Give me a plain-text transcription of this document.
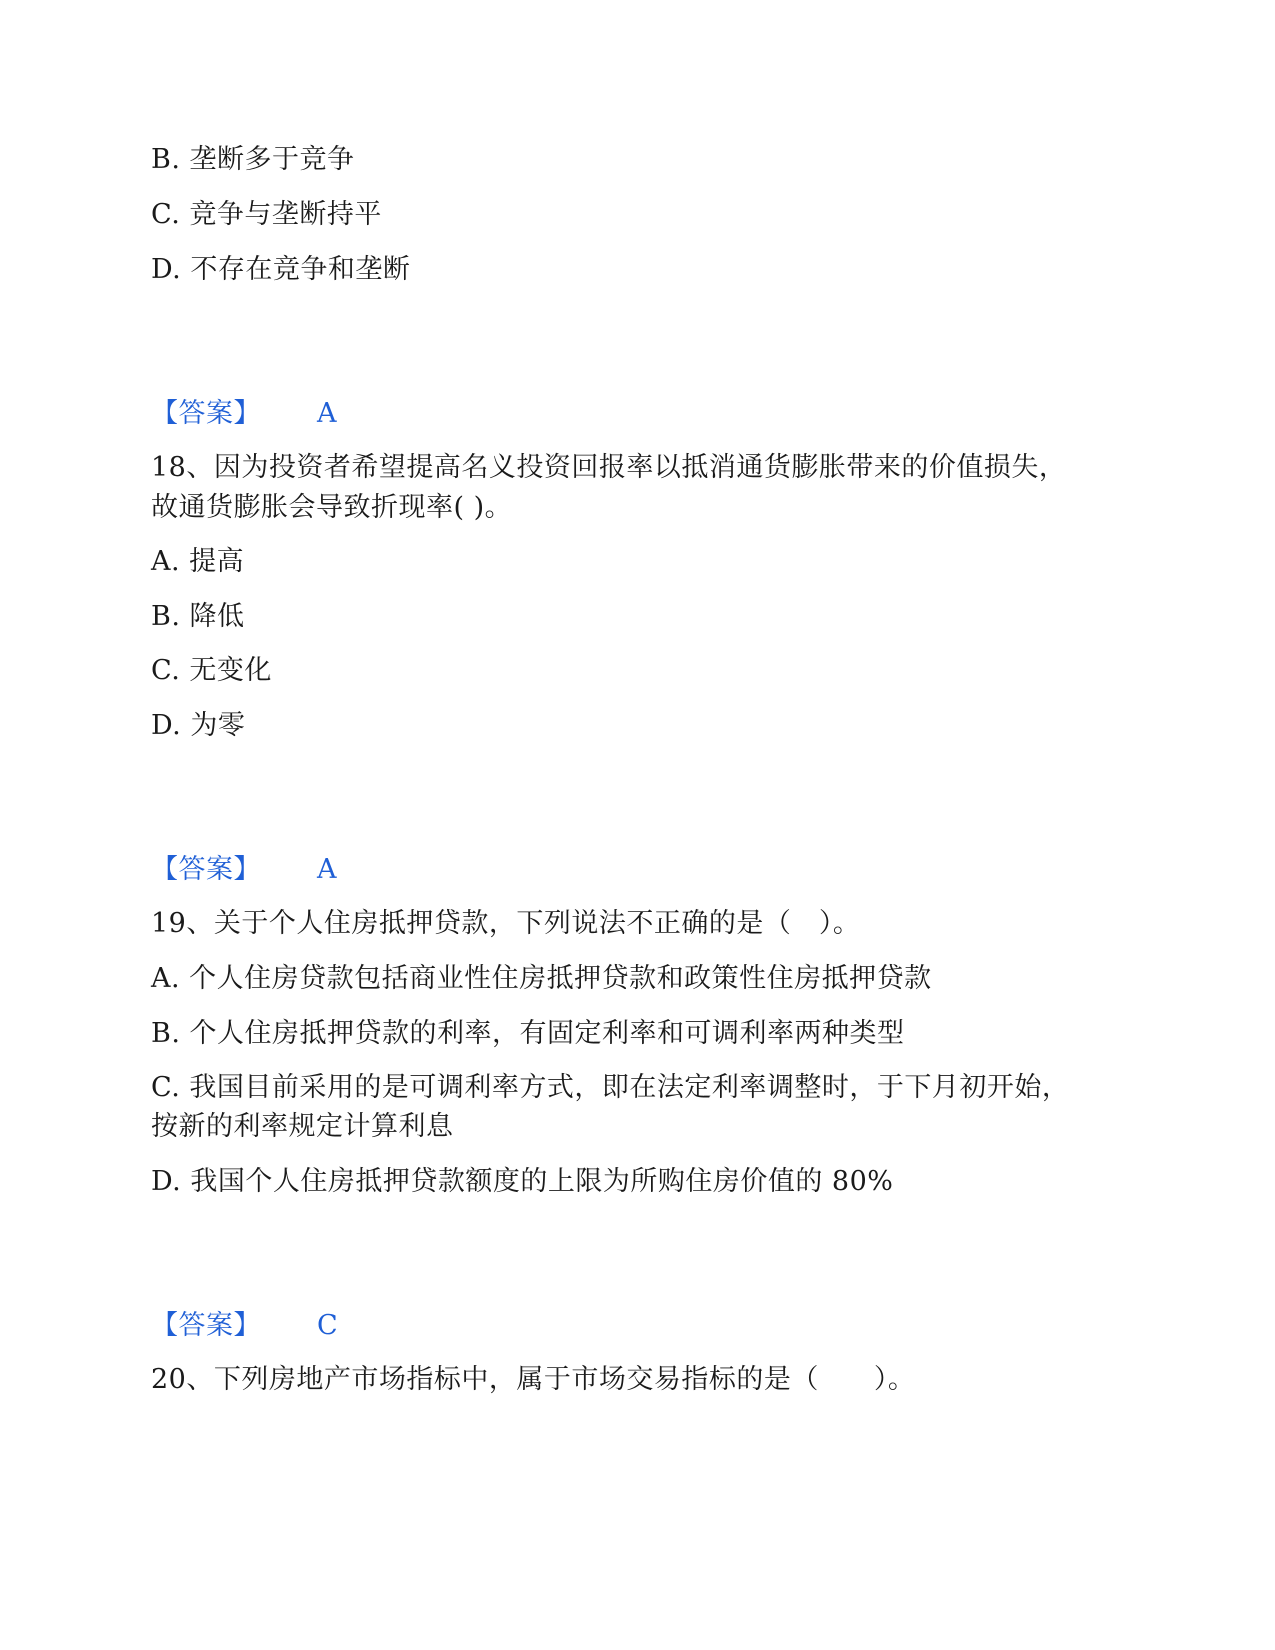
B. 垄断多于竞争
C. 竞争与垄断持平
D. 不存在竞争和垄断
【答案】 A
18、因为投资者希望提高名义投资回报率以抵消通货膨胀带来的价值损失，
故通货膨胀会导致折现率( )。
A. 提高
B. 降低
C. 无变化
D. 为零
【答案】 A
19、关于个人住房抵押贷款，下列说法不正确的是（　）。
A. 个人住房贷款包括商业性住房抵押贷款和政策性住房抵押贷款
B. 个人住房抵押贷款的利率，有固定利率和可调利率两种类型
C. 我国目前采用的是可调利率方式，即在法定利率调整时，于下月初开始，
按新的利率规定计算利息
D. 我国个人住房抵押贷款额度的上限为所购住房价值的 80%
【答案】 C
20、下列房地产市场指标中，属于市场交易指标的是（　　）。
